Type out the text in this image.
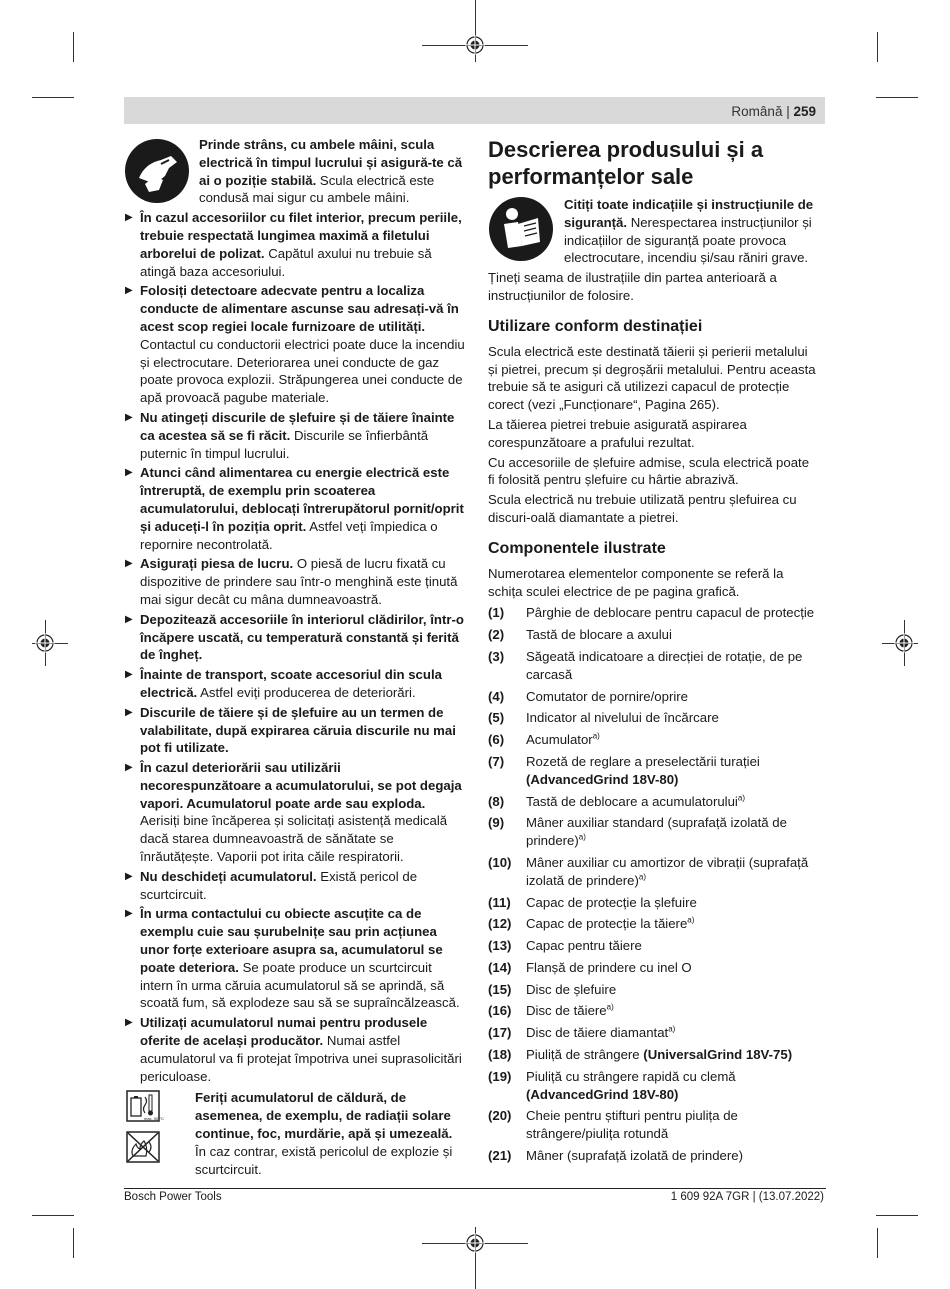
Română | 259
Prinde strâns, cu ambele mâini, scula electrică în timpul lucrului și asigură-te că ai o poziție stabilă. Scula electrică este condusă mai sigur cu ambele mâini.
▶ În cazul accesoriilor cu filet interior, precum periile, trebuie respectată lungimea maximă a filetului arborelui de polizat. Capătul axului nu trebuie să atingă baza accesoriului.
▶ Folosiți detectoare adecvate pentru a localiza conducte de alimentare ascunse sau adresați-vă în acest scop regiei locale furnizoare de utilități. Contactul cu conductorii electrici poate duce la incendiu și electrocutare. Deteriorarea unei conducte de gaz poate provoca explozii. Străpungerea unei conducte de apă provoacă pagube materiale.
▶ Nu atingeți discurile de șlefuire și de tăiere înainte ca acestea să se fi răcit. Discurile se înfierbântă puternic în timpul lucrului.
▶ Atunci când alimentarea cu energie electrică este întreruptă, de exemplu prin scoaterea acumulatorului, deblocați întrerupătorul pornit/oprit și aduceți-l în poziția oprit. Astfel veți împiedica o repornire necontrolată.
▶ Asigurați piesa de lucru. O piesă de lucru fixată cu dispozitive de prindere sau într-o menghină este ținută mai sigur decât cu mâna dumneavoastră.
▶ Depozitează accesoriile în interiorul clădirilor, într-o încăpere uscată, cu temperatură constantă și ferită de îngheț.
▶ Înainte de transport, scoate accesoriul din scula electrică. Astfel eviți producerea de deteriorări.
▶ Discurile de tăiere și de șlefuire au un termen de valabilitate, după expirarea căruia discurile nu mai pot fi utilizate.
▶ În cazul deteriorării sau utilizării necorespunzătoare a acumulatorului, se pot degaja vapori. Acumulatorul poate arde sau exploda. Aerisiți bine încăperea și solicitați asistență medicală dacă starea dumneavoastră de sănătate se înrăutățește. Vaporii pot irita căile respiratorii.
▶ Nu deschideți acumulatorul. Există pericol de scurtcircuit.
▶ În urma contactului cu obiecte ascuțite ca de exemplu cuie sau șurubelnițe sau prin acțiunea unor forțe exterioare asupra sa, acumulatorul se poate deteriora. Se poate produce un scurtcircuit intern în urma căruia acumulatorul să se aprindă, să scoată fum, să explodeze sau să se supraîncălzească.
▶ Utilizați acumulatorul numai pentru produsele oferite de același producător. Numai astfel acumulatorul va fi protejat împotriva unei suprasolicitări periculoase.
max. 50 °C

Feriți acumulatorul de căldură, de asemenea, de exemplu, de radiații solare continue, foc, murdărie, apă și umezeală. În caz contrar, există pericolul de explozie și scurtcircuit.
Descrierea produsului și a performanțelor sale
Citiți toate indicațiile și instrucțiunile de siguranță. Nerespectarea instrucțiunilor și indicațiilor de siguranță poate provoca electrocutare, incendiu și/sau răniri grave.

Țineți seama de ilustrațiile din partea anterioară a instrucțiunilor de folosire.

Utilizare conform destinației

Scula electrică este destinată tăierii și perierii metalului și pietrei, precum și degroșării metalului. Pentru aceasta trebuie să te asiguri că utilizezi capacul de protecție corect (vezi „Funcționare“, Pagina 265).

La tăierea pietrei trebuie asigurată aspirarea corespunzătoare a prafului rezultat.

Cu accesoriile de șlefuire admise, scula electrică poate fi folosită pentru șlefuire cu hârtie abrazivă.

Scula electrică nu trebuie utilizată pentru șlefuirea cu discuri-oală diamantate a pietrei.

Componentele ilustrate

Numerotarea elementelor componente se referă la schița sculei electrice de pe pagina grafică.

(1)	Pârghie de deblocare pentru capacul de protecție
(2)	Tastă de blocare a axului
(3)	Săgeată indicatoare a direcției de rotație, de pe carcasă
(4)	Comutator de pornire/oprire
(5)	Indicator al nivelului de încărcare
(6)	Acumulator$^{a)}$
(7)	Rozetă de reglare a preselectării turației (AdvancedGrind 18V-80)
(8)	Tastă de deblocare a acumulatorului$^{a)}$
(9)	Mâner auxiliar standard (suprafață izolată de prindere)$^{a)}$
(10)	Mâner auxiliar cu amortizor de vibrații (suprafață izolată de prindere)$^{a)}$
(11)	Capac de protecție la șlefuire
(12)	Capac de protecție la tăiere$^{a)}$
(13)	Capac pentru tăiere
(14)	Flanșă de prindere cu inel O
(15)	Disc de șlefuire
(16)	Disc de tăiere$^{a)}$
(17)	Disc de tăiere diamantat$^{a)}$
(18)	Piuliță de strângere (UniversalGrind 18V-75)
(19)	Piuliță cu strângere rapidă cu clemă (AdvancedGrind 18V-80)
(20)	Cheie pentru știfturi pentru piulița de strângere/piulița rotundă
(21)	Mâner (suprafață izolată de prindere)
Bosch Power Tools	1 609 92A 7GR | (13.07.2022)
